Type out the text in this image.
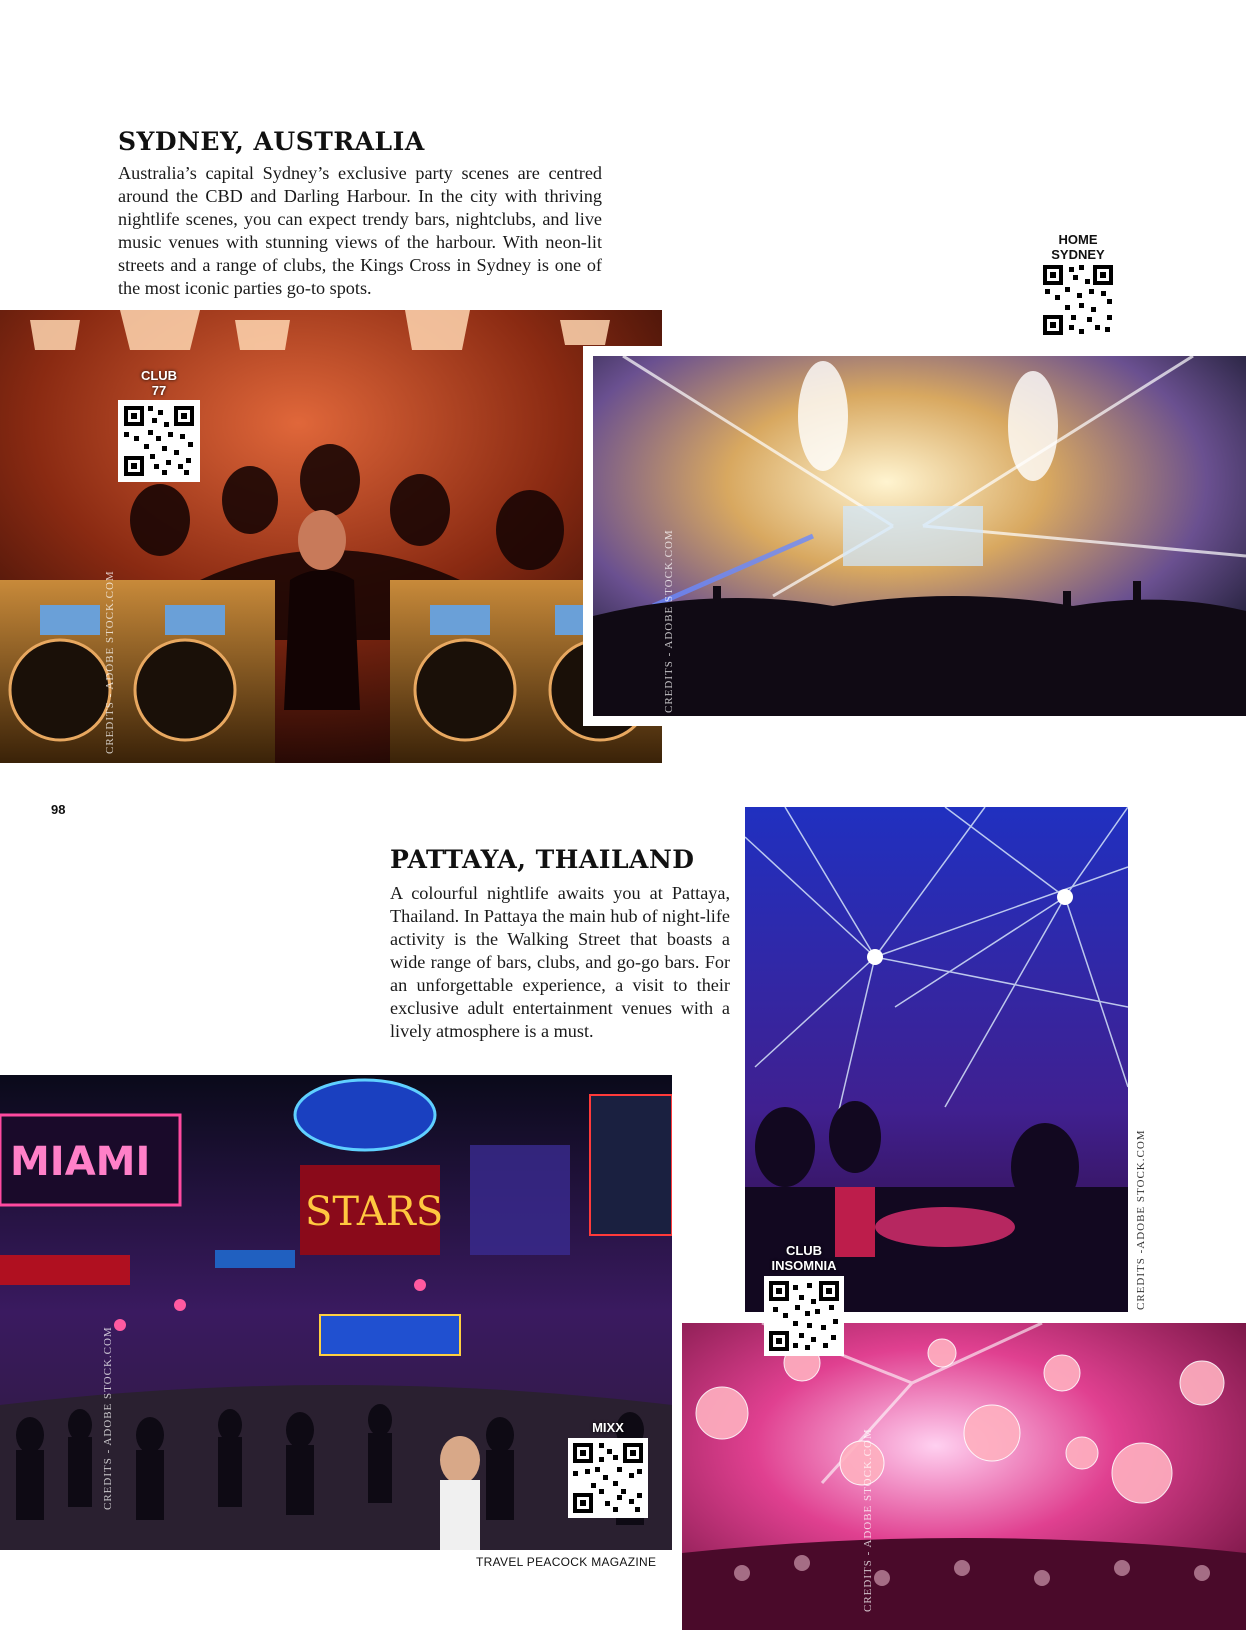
SYDNEY, AUSTRALIA

Australia’s capital Sydney’s exclusive party scenes are centred around the CBD and Darling Harbour. In the city with thriving nightlife scenes, you can expect trendy bars, nightclubs, and live music venues with stunning views of the harbour. With neon-lit streets and a range of clubs, the Kings Cross in Sydney is one of the most iconic parties go-to spots.

CLUB
77
HOME
SYDNEY
CREDITS - ADOBE STOCK.COM	CREDITS - ADOBE STOCK.COM
98
PATTAYA, THAILAND

A colourful nightlife awaits you at Pattaya, Thailand. In Pattaya the main hub of night-life activity is the Walking Street that boasts a wide range of bars, clubs, and go-go bars. For an unforgettable experience, a visit to their exclusive adult entertainment venues with a lively atmosphere is a must.

CREDITS -ADOBE STOCK.COM
MIAMI
STARS
CREDITS - ADOBE STOCK.COM
CREDITS - ADOBE STOCK.COM
CLUB
INSOMNIA
MIXX
TRAVEL PEACOCK MAGAZINE
